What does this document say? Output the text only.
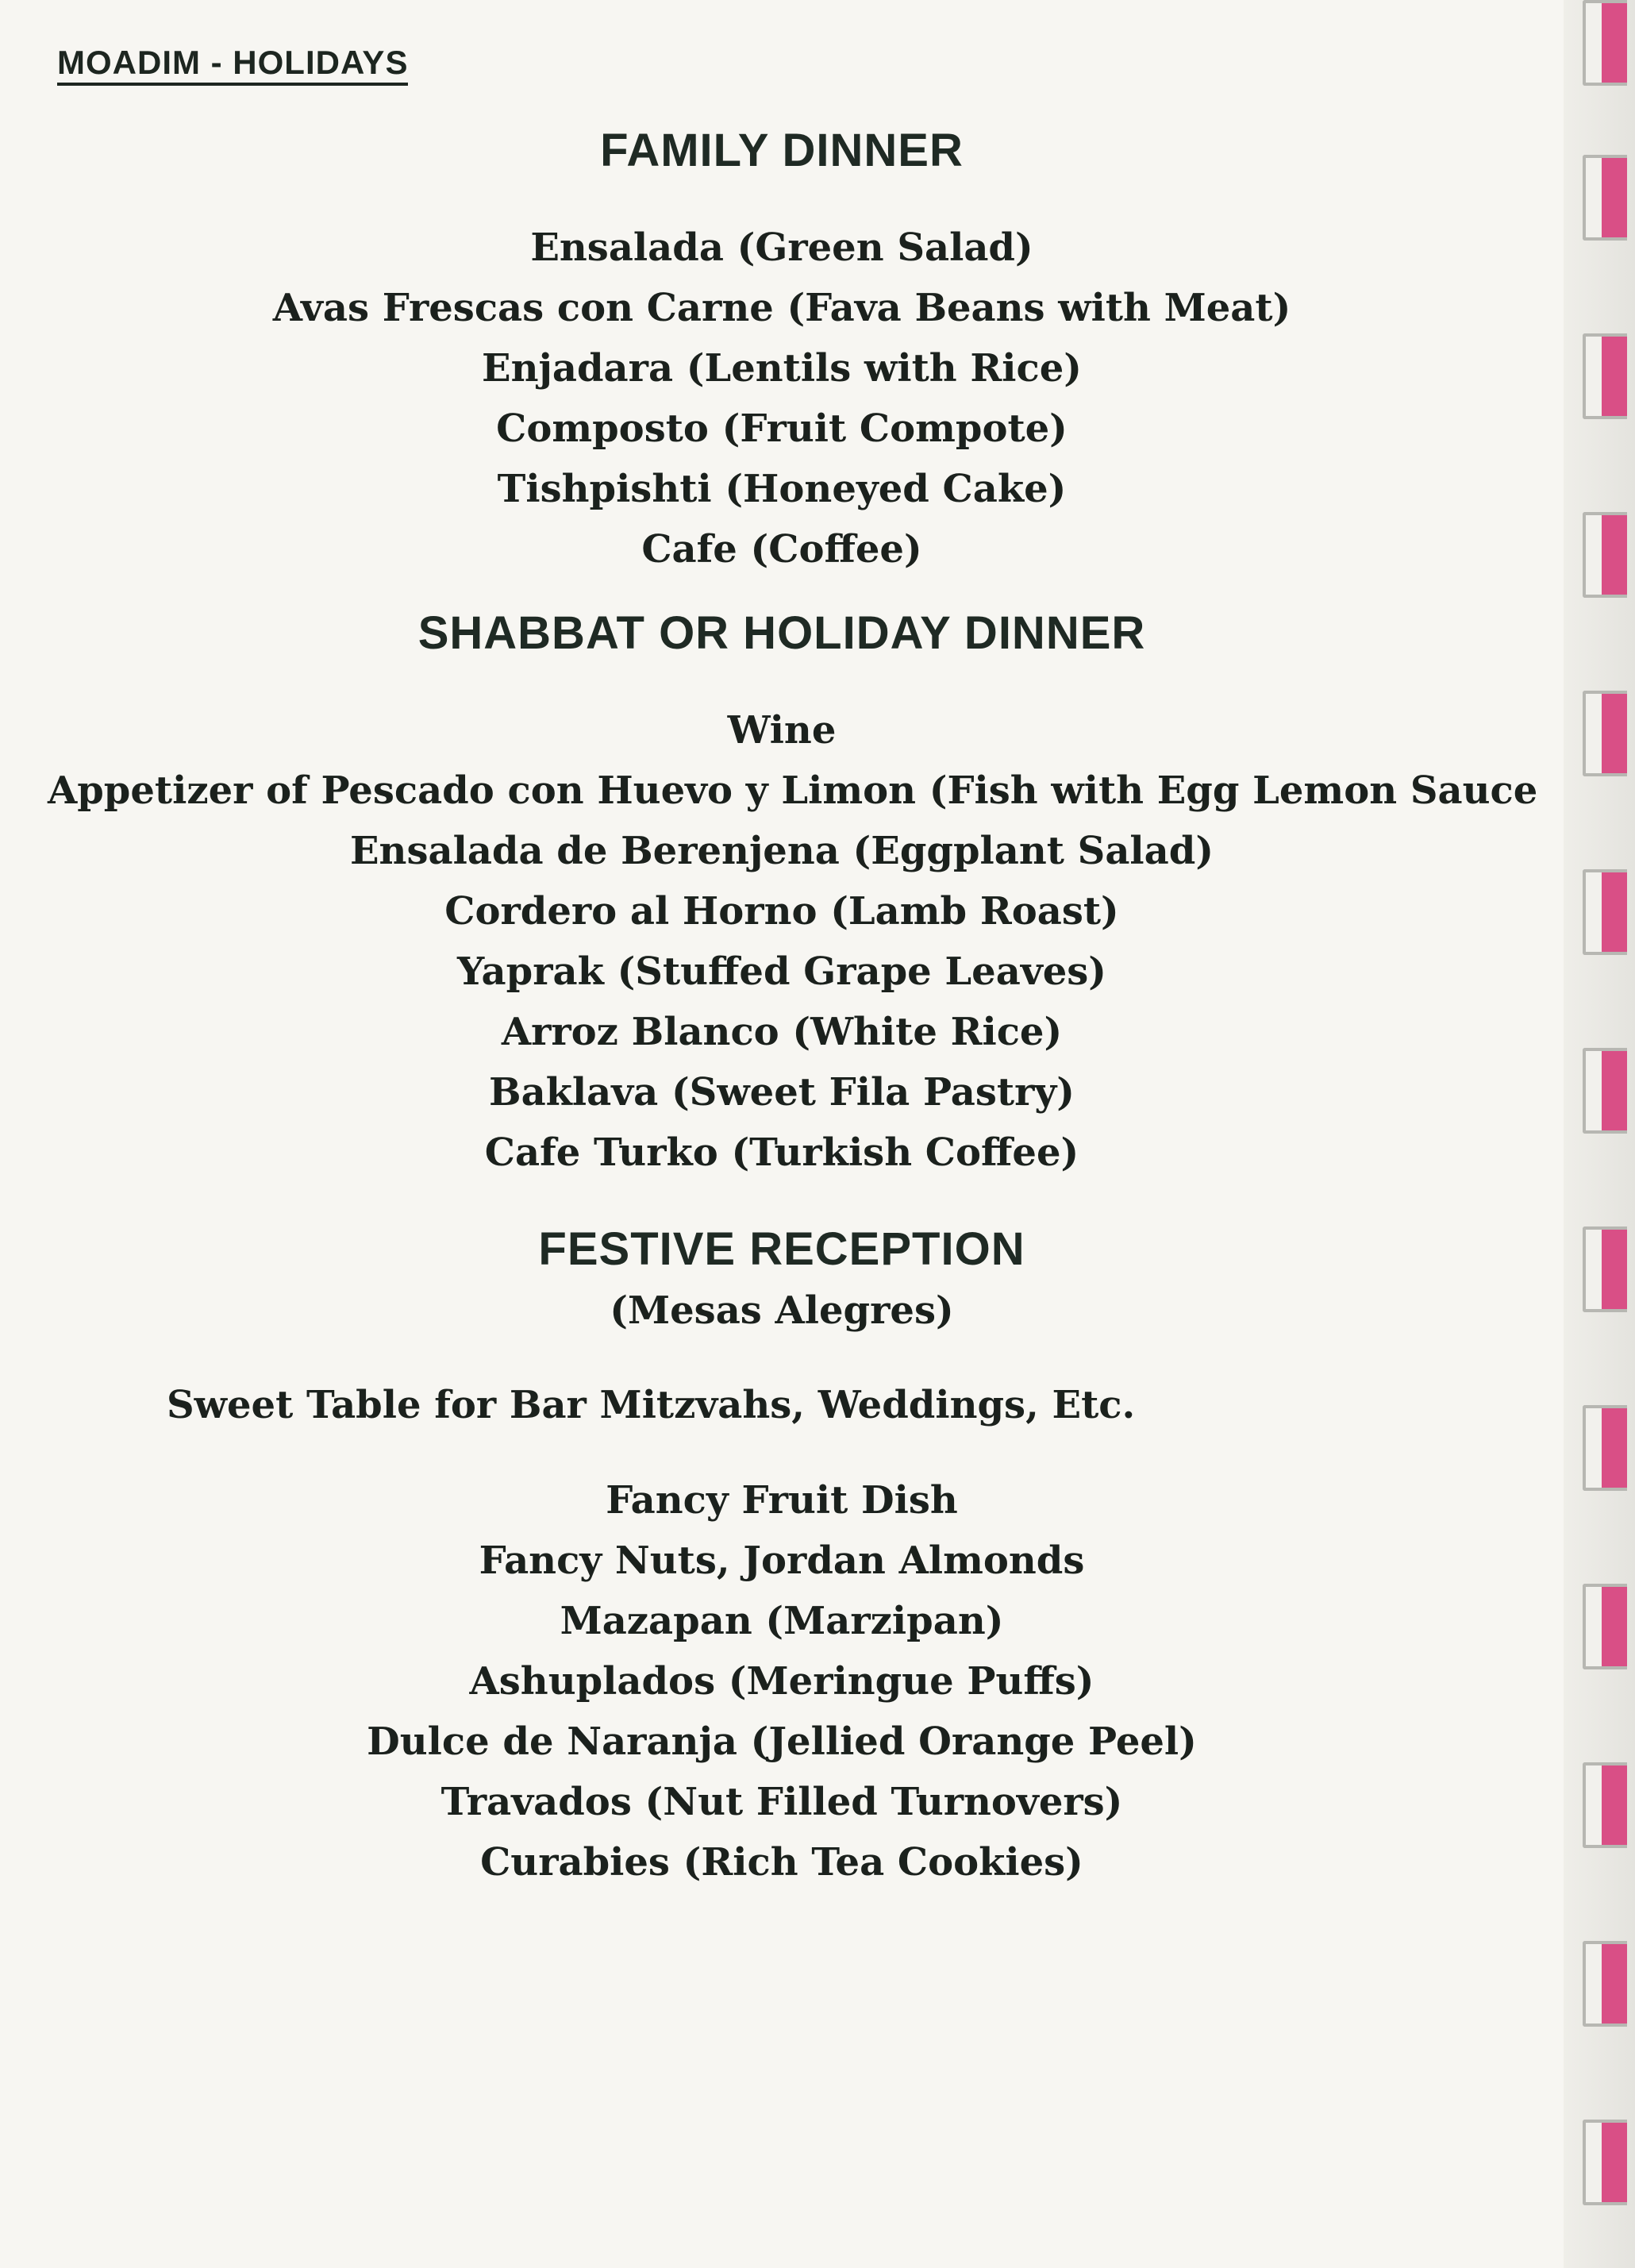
MOADIM - HOLIDAYS

FAMILY DINNER

Ensalada (Green Salad)

Avas Frescas con Carne (Fava Beans with Meat)

Enjadara (Lentils with Rice)

Composto (Fruit Compote)

Tishpishti (Honeyed Cake)

Cafe (Coffee)

SHABBAT OR HOLIDAY DINNER

Wine

Appetizer of Pescado con Huevo y Limon (Fish with Egg Lemon Sauce

Ensalada de Berenjena (Eggplant Salad)

Cordero al Horno (Lamb Roast)

Yaprak (Stuffed Grape Leaves)

Arroz Blanco (White Rice)

Baklava (Sweet Fila Pastry)

Cafe Turko (Turkish Coffee)

FESTIVE RECEPTION

(Mesas Alegres)

Sweet Table for Bar Mitzvahs, Weddings, Etc.

Fancy Fruit Dish

Fancy Nuts, Jordan Almonds

Mazapan (Marzipan)

Ashuplados (Meringue Puffs)

Dulce de Naranja (Jellied Orange Peel)

Travados (Nut Filled Turnovers)

Curabies (Rich Tea Cookies)
